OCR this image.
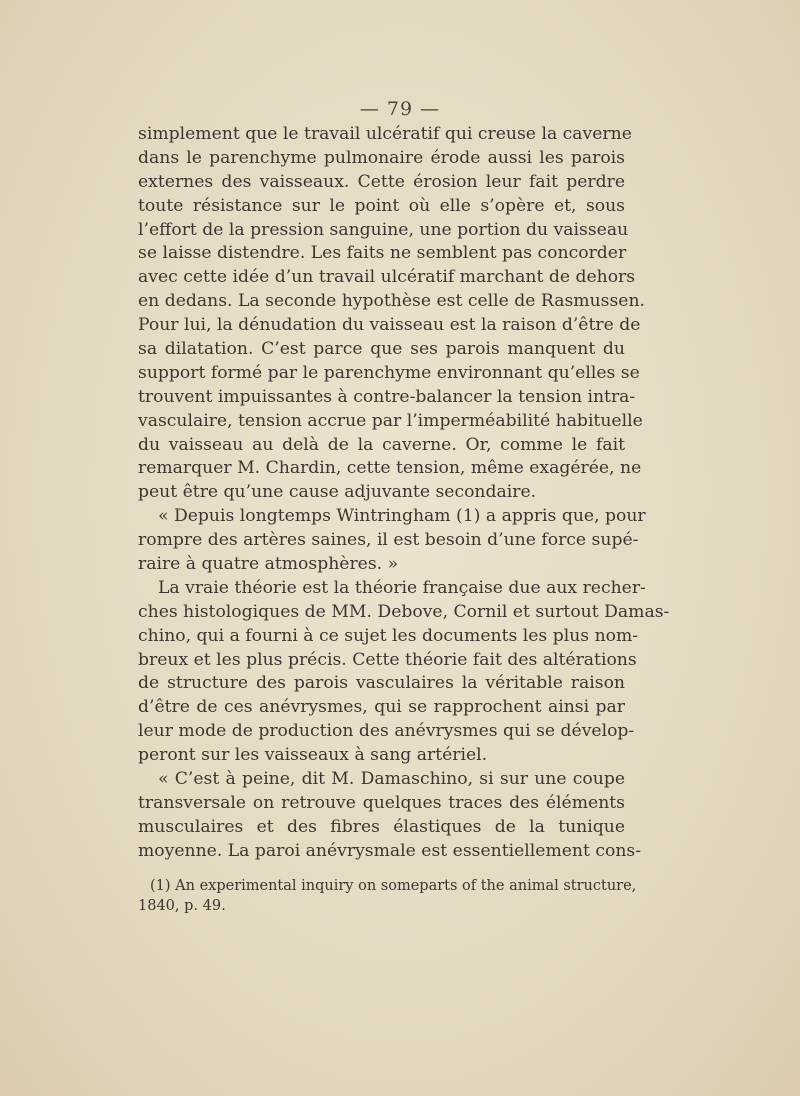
— 79 —
simplement que le travail ulcératif qui creuse la caverne
dans le parenchyme pulmonaire érode aussi les parois
externes des vaisseaux. Cette érosion leur fait perdre
toute résistance sur le point où elle s’opère et, sous
l’effort de la pression sanguine, une portion du vaisseau
se laisse distendre. Les faits ne semblent pas concorder
avec cette idée d’un travail ulcératif marchant de dehors
en dedans. La seconde hypothèse est celle de Rasmussen.
Pour lui, la dénudation du vaisseau est la raison d’être de
sa dilatation. C’est parce que ses parois manquent du
support formé par le parenchyme environnant qu’elles se
trouvent impuissantes à contre-balancer la tension intra-
vasculaire, tension accrue par l’imperméabilité habituelle
du vaisseau au delà de la caverne. Or, comme le fait
remarquer M. Chardin, cette tension, même exagérée, ne
peut être qu’une cause adjuvante secondaire.
« Depuis longtemps Wintringham (1) a appris que, pour
rompre des artères saines, il est besoin d’une force supé-
raire à quatre atmosphères. »
La vraie théorie est la théorie française due aux recher-
ches histologiques de MM. Debove, Cornil et surtout Damas-
chino, qui a fourni à ce sujet les documents les plus nom-
breux et les plus précis. Cette théorie fait des altérations
de structure des parois vasculaires la véritable raison
d’être de ces anévrysmes, qui se rapprochent ainsi par
leur mode de production des anévrysmes qui se dévelop-
peront sur les vaisseaux à sang artériel.
« C’est à peine, dit M. Damaschino, si sur une coupe
transversale on retrouve quelques traces des éléments
musculaires et des fibres élastiques de la tunique
moyenne. La paroi anévrysmale est essentiellement cons-
(1) An experimental inquiry on someparts of the animal structure,
1840, p. 49.
